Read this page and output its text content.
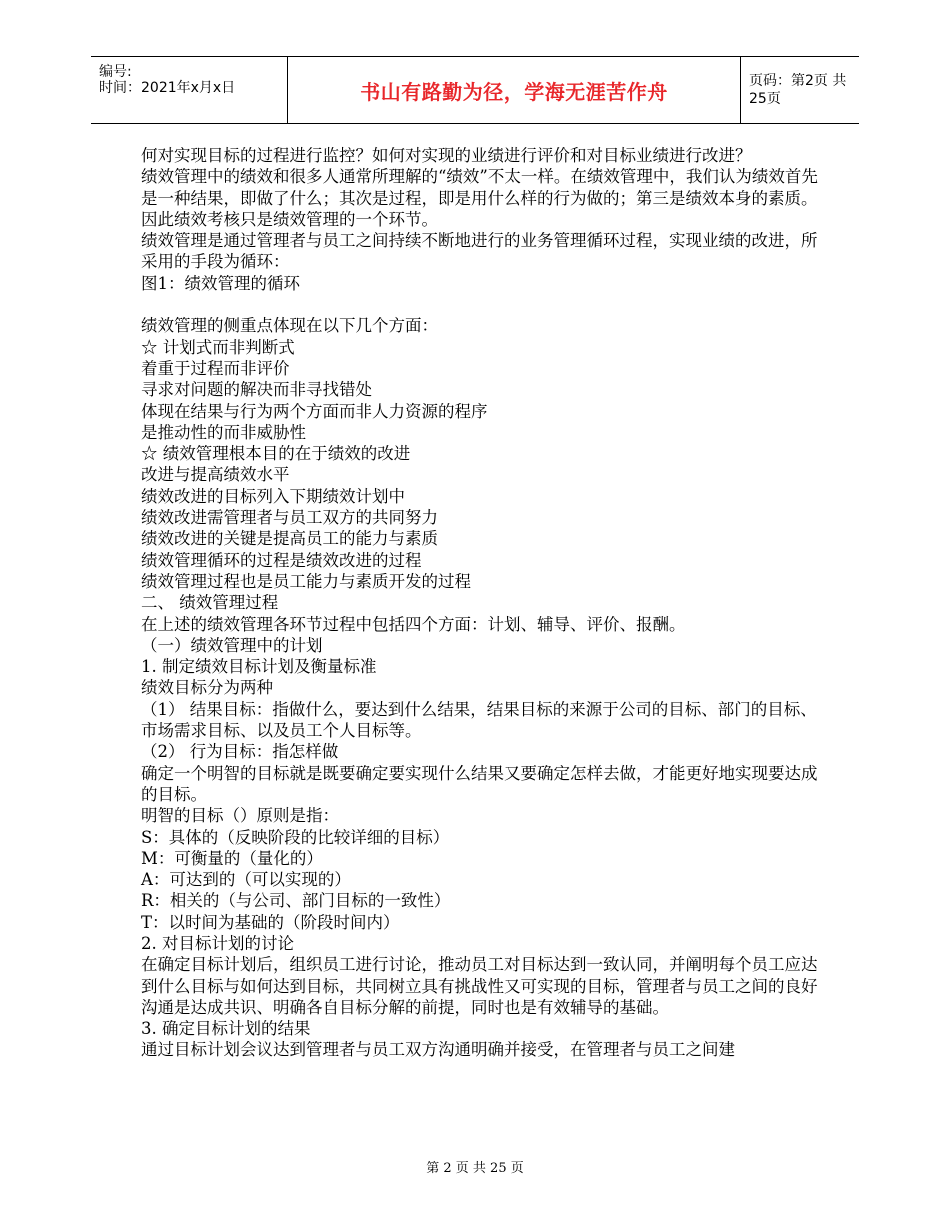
编号:
时间：2021年x月x日	书山有路勤为径，学海无涯苦作舟	页码：第2页 共25页

何对实现目标的过程进行监控？如何对实现的业绩进行评价和对目标业绩进行改进？

绩效管理中的绩效和很多人通常所理解的“绩效”不太一样。在绩效管理中，我们认为绩效首先是一种结果，即做了什么；其次是过程，即是用什么样的行为做的；第三是绩效本身的素质。因此绩效考核只是绩效管理的一个环节。

绩效管理是通过管理者与员工之间持续不断地进行的业务管理循环过程，实现业绩的改进，所采用的手段为循环：

图1：绩效管理的循环

绩效管理的侧重点体现在以下几个方面：

☆ 计划式而非判断式

着重于过程而非评价

寻求对问题的解决而非寻找错处

体现在结果与行为两个方面而非人力资源的程序

是推动性的而非威胁性

☆ 绩效管理根本目的在于绩效的改进

改进与提高绩效水平

绩效改进的目标列入下期绩效计划中

绩效改进需管理者与员工双方的共同努力

绩效改进的关键是提高员工的能力与素质

绩效管理循环的过程是绩效改进的过程

绩效管理过程也是员工能力与素质开发的过程

二、 绩效管理过程

在上述的绩效管理各环节过程中包括四个方面：计划、辅导、评价、报酬。

（一）绩效管理中的计划

1. 制定绩效目标计划及衡量标准

绩效目标分为两种

（1） 结果目标：指做什么，要达到什么结果，结果目标的来源于公司的目标、部门的目标、市场需求目标、以及员工个人目标等。

（2） 行为目标：指怎样做

确定一个明智的目标就是既要确定要实现什么结果又要确定怎样去做，才能更好地实现要达成的目标。

明智的目标（）原则是指：

S：具体的（反映阶段的比较详细的目标）

M：可衡量的（量化的）

A：可达到的（可以实现的）

R：相关的（与公司、部门目标的一致性）

T：以时间为基础的（阶段时间内）

2. 对目标计划的讨论

在确定目标计划后，组织员工进行讨论，推动员工对目标达到一致认同，并阐明每个员工应达到什么目标与如何达到目标，共同树立具有挑战性又可实现的目标，管理者与员工之间的良好沟通是达成共识、明确各自目标分解的前提，同时也是有效辅导的基础。

3. 确定目标计划的结果

通过目标计划会议达到管理者与员工双方沟通明确并接受，在管理者与员工之间建

第 2 页 共 25 页
